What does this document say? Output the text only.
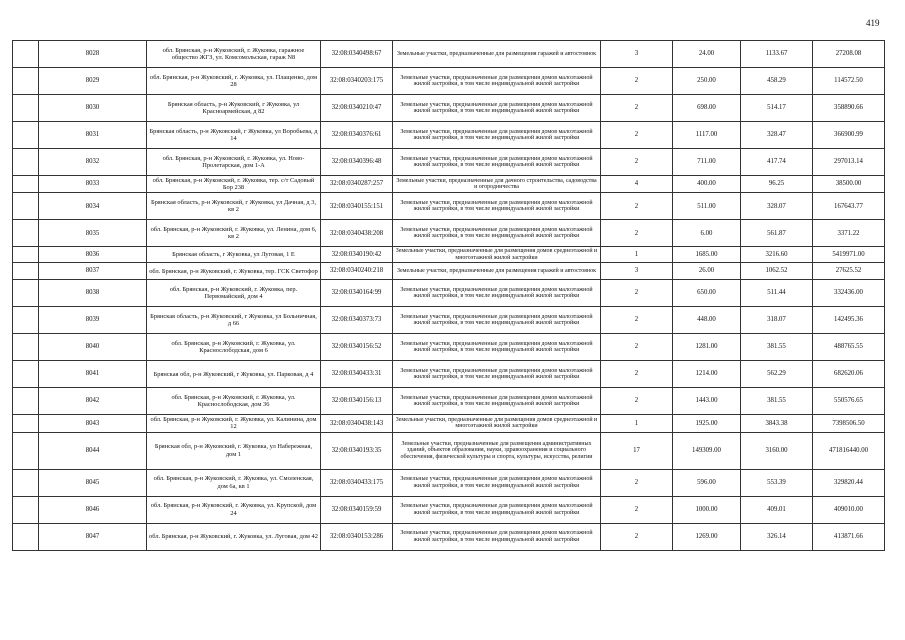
419
	8028	обл. Брянская, р-н Жуковский, г. Жуковка, гаражное общество ЖГЗ, ул. Комсомольская, гараж N8	32:08:0340498:67	Земельные участки, предназначенные для размещения гаражей и автостоянок	3	24.00	1133.67	27208.08
	8029	обл. Брянская, р-н Жуковский, г. Жуковка, ул. Плащенко, дом 28	32:08:0340203:175	Земельные участки, предназначенные для размещения домов малоэтажной жилой застройки, в том числе индивидуальной жилой застройки	2	250.00	458.29	114572.50
	8030	Брянская область, р-н Жуковский, г Жуковка, ул Красноармейская, д 82	32:08:0340210:47	Земельные участки, предназначенные для размещения домов малоэтажной жилой застройки, в том числе индивидуальной жилой застройки	2	698.00	514.17	358890.66
	8031	Брянская область, р-н Жуковский, г Жуковка, ул Воробьева, д 14	32:08:0340376:61	Земельные участки, предназначенные для размещения домов малоэтажной жилой застройки, в том числе индивидуальной жилой застройки	2	1117.00	328.47	366900.99
	8032	обл. Брянская, р-н Жуковский, г. Жуковка, ул. Ново-Пролетарская, дом 1-А	32:08:0340396:48	Земельные участки, предназначенные для размещения домов малоэтажной жилой застройки, в том числе индивидуальной жилой застройки	2	711.00	417.74	297013.14
	8033	обл. Брянская, р-н Жуковский, г. Жуковка, тер. с/т Садовый Бор 238	32:08:0340287:257	Земельные участки, предназначенные для дачного строительства, садоводства и огородничества	4	400.00	96.25	38500.00
	8034	Брянская область, р-н Жуковский, г Жуковка, ул Дачная, д 3, кв 2	32:08:0340155:151	Земельные участки, предназначенные для размещения домов малоэтажной жилой застройки, в том числе индивидуальной жилой застройки	2	511.00	328.07	167643.77
	8035	обл. Брянская, р-н Жуковский, г. Жуковка, ул. Ленина, дом 6, кв 2	32:08:0340438:208	Земельные участки, предназначенные для размещения домов малоэтажной жилой застройки, в том числе индивидуальной жилой застройки	2	6.00	561.87	3371.22
	8036	Брянская область, г Жуковка, ул Луговая, 1 Е	32:08:0340190:42	Земельные участки, предназначенные для размещения домов среднеэтажной и многоэтажной жилой застройки	1	1685.00	3216.60	5419971.00
	8037	обл. Брянская, р-н Жуковский, г. Жуковка, тер. ГСК Светофор	32:08:0340240:218	Земельные участки, предназначенные для размещения гаражей и автостоянок	3	26.00	1062.52	27625.52
	8038	обл. Брянская, р-н Жуковский, г. Жуковка, пер. Первомайский, дом 4	32:08:0340164:99	Земельные участки, предназначенные для размещения домов малоэтажной жилой застройки, в том числе индивидуальной жилой застройки	2	650.00	511.44	332436.00
	8039	Брянская область, р-н Жуковский, г Жуковка, ул Больничная, д 66	32:08:0340373:73	Земельные участки, предназначенные для размещения домов малоэтажной жилой застройки, в том числе индивидуальной жилой застройки	2	448.00	318.07	142495.36
	8040	обл. Брянская, р-н Жуковский, г. Жуковка, ул. Краснослободская, дом 6	32:08:0340156:52	Земельные участки, предназначенные для размещения домов малоэтажной жилой застройки, в том числе индивидуальной жилой застройки	2	1281.00	381.55	488765.55
	8041	Брянская обл, р-н Жуковский, г Жуковка, ул. Парковая, д 4	32:08:0340433:31	Земельные участки, предназначенные для размещения домов малоэтажной жилой застройки, в том числе индивидуальной жилой застройки	2	1214.00	562.29	682620.06
	8042	обл. Брянская, р-н Жуковский, г. Жуковка, ул. Краснослободская, дом 36	32:08:0340156:13	Земельные участки, предназначенные для размещения домов малоэтажной жилой застройки, в том числе индивидуальной жилой застройки	2	1443.00	381.55	550576.65
	8043	обл. Брянская, р-н Жуковский, г. Жуковка, ул. Калинина, дом 12	32:08:0340438:143	Земельные участки, предназначенные для размещения домов среднеэтажной и многоэтажной жилой застройки	1	1925.00	3843.38	7398506.50
	8044	Брянская обл, р-н Жуковский, г. Жуковка, ул Набережная, дом 1	32:08:0340193:35	Земельные участки, предназначенные для размещения административных зданий, объектов образования, науки, здравоохранения и социального обеспечения, физической культуры и спорта, культуры, искусства, религии	17	149309.00	3160.00	471816440.00
	8045	обл. Брянская, р-н Жуковский, г. Жуковка, ул. Смоленская, дом 6а, кв 1	32:08:0340433:175	Земельные участки, предназначенные для размещения домов малоэтажной жилой застройки, в том числе индивидуальной жилой застройки	2	596.00	553.39	329820.44
	8046	обл. Брянская, р-н Жуковский, г. Жуковка, ул. Крупской, дом 24	32:08:0340159:59	Земельные участки, предназначенные для размещения домов малоэтажной жилой застройки, в том числе индивидуальной жилой застройки	2	1000.00	409.01	409010.00
	8047	обл. Брянская, р-н Жуковский, г. Жуковка, ул. Луговая, дом 42	32:08:0340153:286	Земельные участки, предназначенные для размещения домов малоэтажной жилой застройки, в том числе индивидуальной жилой застройки	2	1269.00	326.14	413871.66
